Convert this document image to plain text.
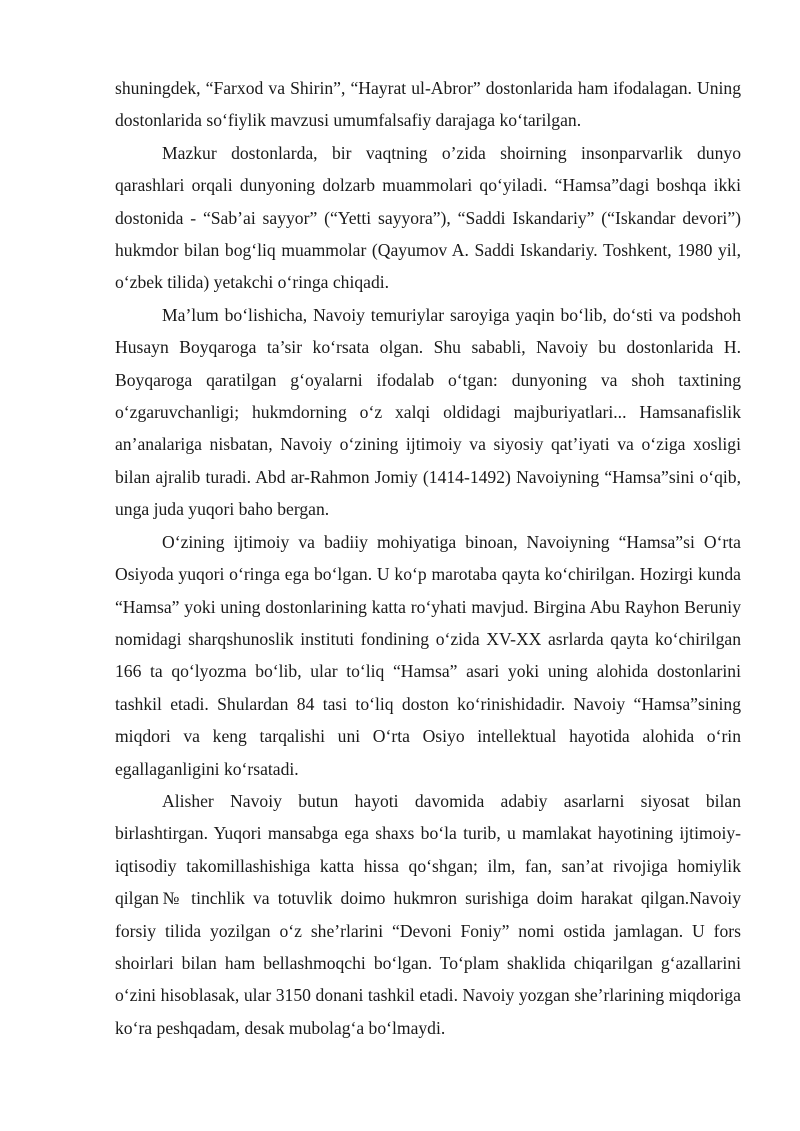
shuningdek, “Farxod va Shirin”, “Hayrat ul-Abror” dostonlarida ham ifodalagan. Uning dostonlarida so‘fiylik mavzusi umumfalsafiy darajaga ko‘tarilgan.

Mazkur dostonlarda, bir vaqtning o’zida shoirning insonparvarlik dunyo qarashlari orqali dunyoning dolzarb muammolari qo‘yiladi. “Hamsa”dagi boshqa ikki dostonida - “Sab’ai sayyor” (“Yetti sayyora”), “Saddi Iskandariy” (“Iskandar devori”) hukmdor bilan bog‘liq muammolar (Qayumov A. Saddi Iskandariy. Toshkent, 1980 yil, o‘zbek tilida) yetakchi o‘ringa chiqadi.

Ma’lum bo‘lishicha, Navoiy temuriylar saroyiga yaqin bo‘lib, do‘sti va podshoh Husayn Boyqaroga ta’sir ko‘rsata olgan. Shu sababli, Navoiy bu dostonlarida H. Boyqaroga qaratilgan g‘oyalarni ifodalab o‘tgan: dunyoning va shoh taxtining o‘zgaruvchanligi; hukmdorning o‘z xalqi oldidagi majburiyatlari... Hamsanafislik an’analariga nisbatan, Navoiy o‘zining ijtimoiy va siyosiy qat’iyati va o‘ziga xosligi bilan ajralib turadi. Abd ar-Rahmon Jomiy (1414-1492) Navoiyning “Hamsa”sini o‘qib, unga juda yuqori baho bergan.

O‘zining ijtimoiy va badiiy mohiyatiga binoan, Navoiyning “Hamsa”si O‘rta Osiyoda yuqori o‘ringa ega bo‘lgan. U ko‘p marotaba qayta ko‘chirilgan. Hozirgi kunda “Hamsa” yoki uning dostonlarining katta ro‘yhati mavjud. Birgina Abu Rayhon Beruniy nomidagi sharqshunoslik instituti fondining o‘zida XV-XX asrlarda qayta ko‘chirilgan 166 ta qo‘lyozma bo‘lib, ular to‘liq “Hamsa” asari yoki uning alohida dostonlarini tashkil etadi. Shulardan 84 tasi to‘liq doston ko‘rinishidadir. Navoiy “Hamsa”sining miqdori va keng tarqalishi uni O‘rta Osiyo intellektual hayotida alohida o‘rin egallaganligini ko‘rsatadi.

Alisher Navoiy butun hayoti davomida adabiy asarlarni siyosat bilan birlashtirgan. Yuqori mansabga ega shaxs bo‘la turib, u mamlakat hayotining ijtimoiy-iqtisodiy takomillashishiga katta hissa qo‘shgan; ilm, fan, san’at rivojiga homiylik qilgan№ tinchlik va totuvlik doimo hukmron surishiga doim harakat qilgan.Navoiy forsiy tilida yozilgan o‘z she’rlarini “Devoni Foniy” nomi ostida jamlagan. U fors shoirlari bilan ham bellashmoqchi bo‘lgan. To‘plam shaklida chiqarilgan g‘azallarini o‘zini hisoblasak, ular 3150 donani tashkil etadi. Navoiy yozgan she’rlarining miqdoriga ko‘ra peshqadam, desak mubolag‘a bo‘lmaydi.
